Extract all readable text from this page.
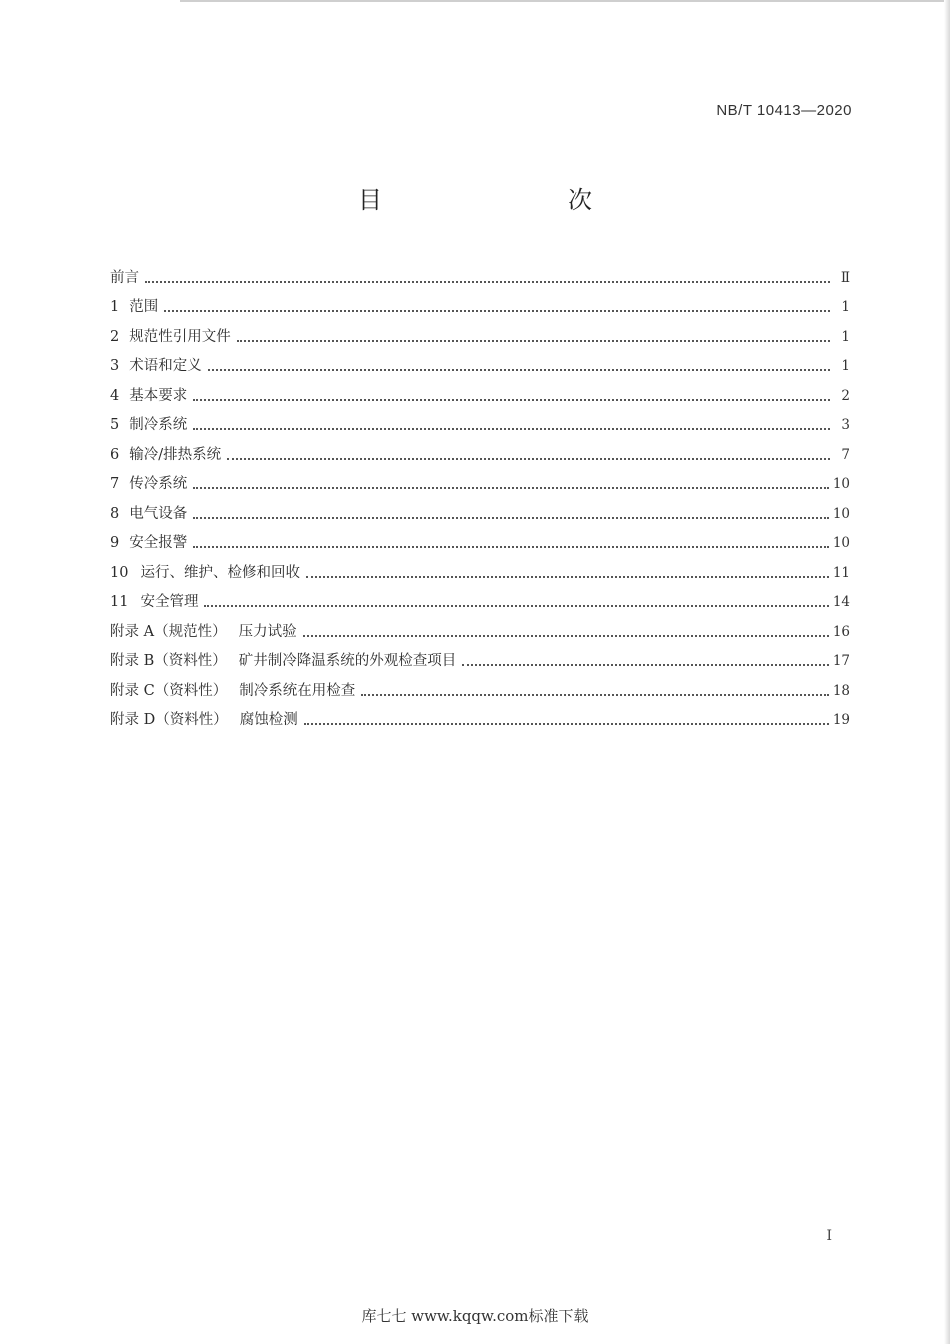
NB/T 10413—2020
目　　次
前言	Ⅱ
1 范围	1
2 规范性引用文件	1
3 术语和定义	1
4 基本要求	2
5 制冷系统	3
6 输冷/排热系统	7
7 传冷系统	10
8 电气设备	10
9 安全报警	10
10 运行、维护、检修和回收	11
11 安全管理	14
附录 A（规范性） 压力试验	16
附录 B（资料性） 矿井制冷降温系统的外观检查项目	17
附录 C（资料性） 制冷系统在用检查	18
附录 D（资料性） 腐蚀检测	19
I
库七七 www.kqqw.com标准下载
